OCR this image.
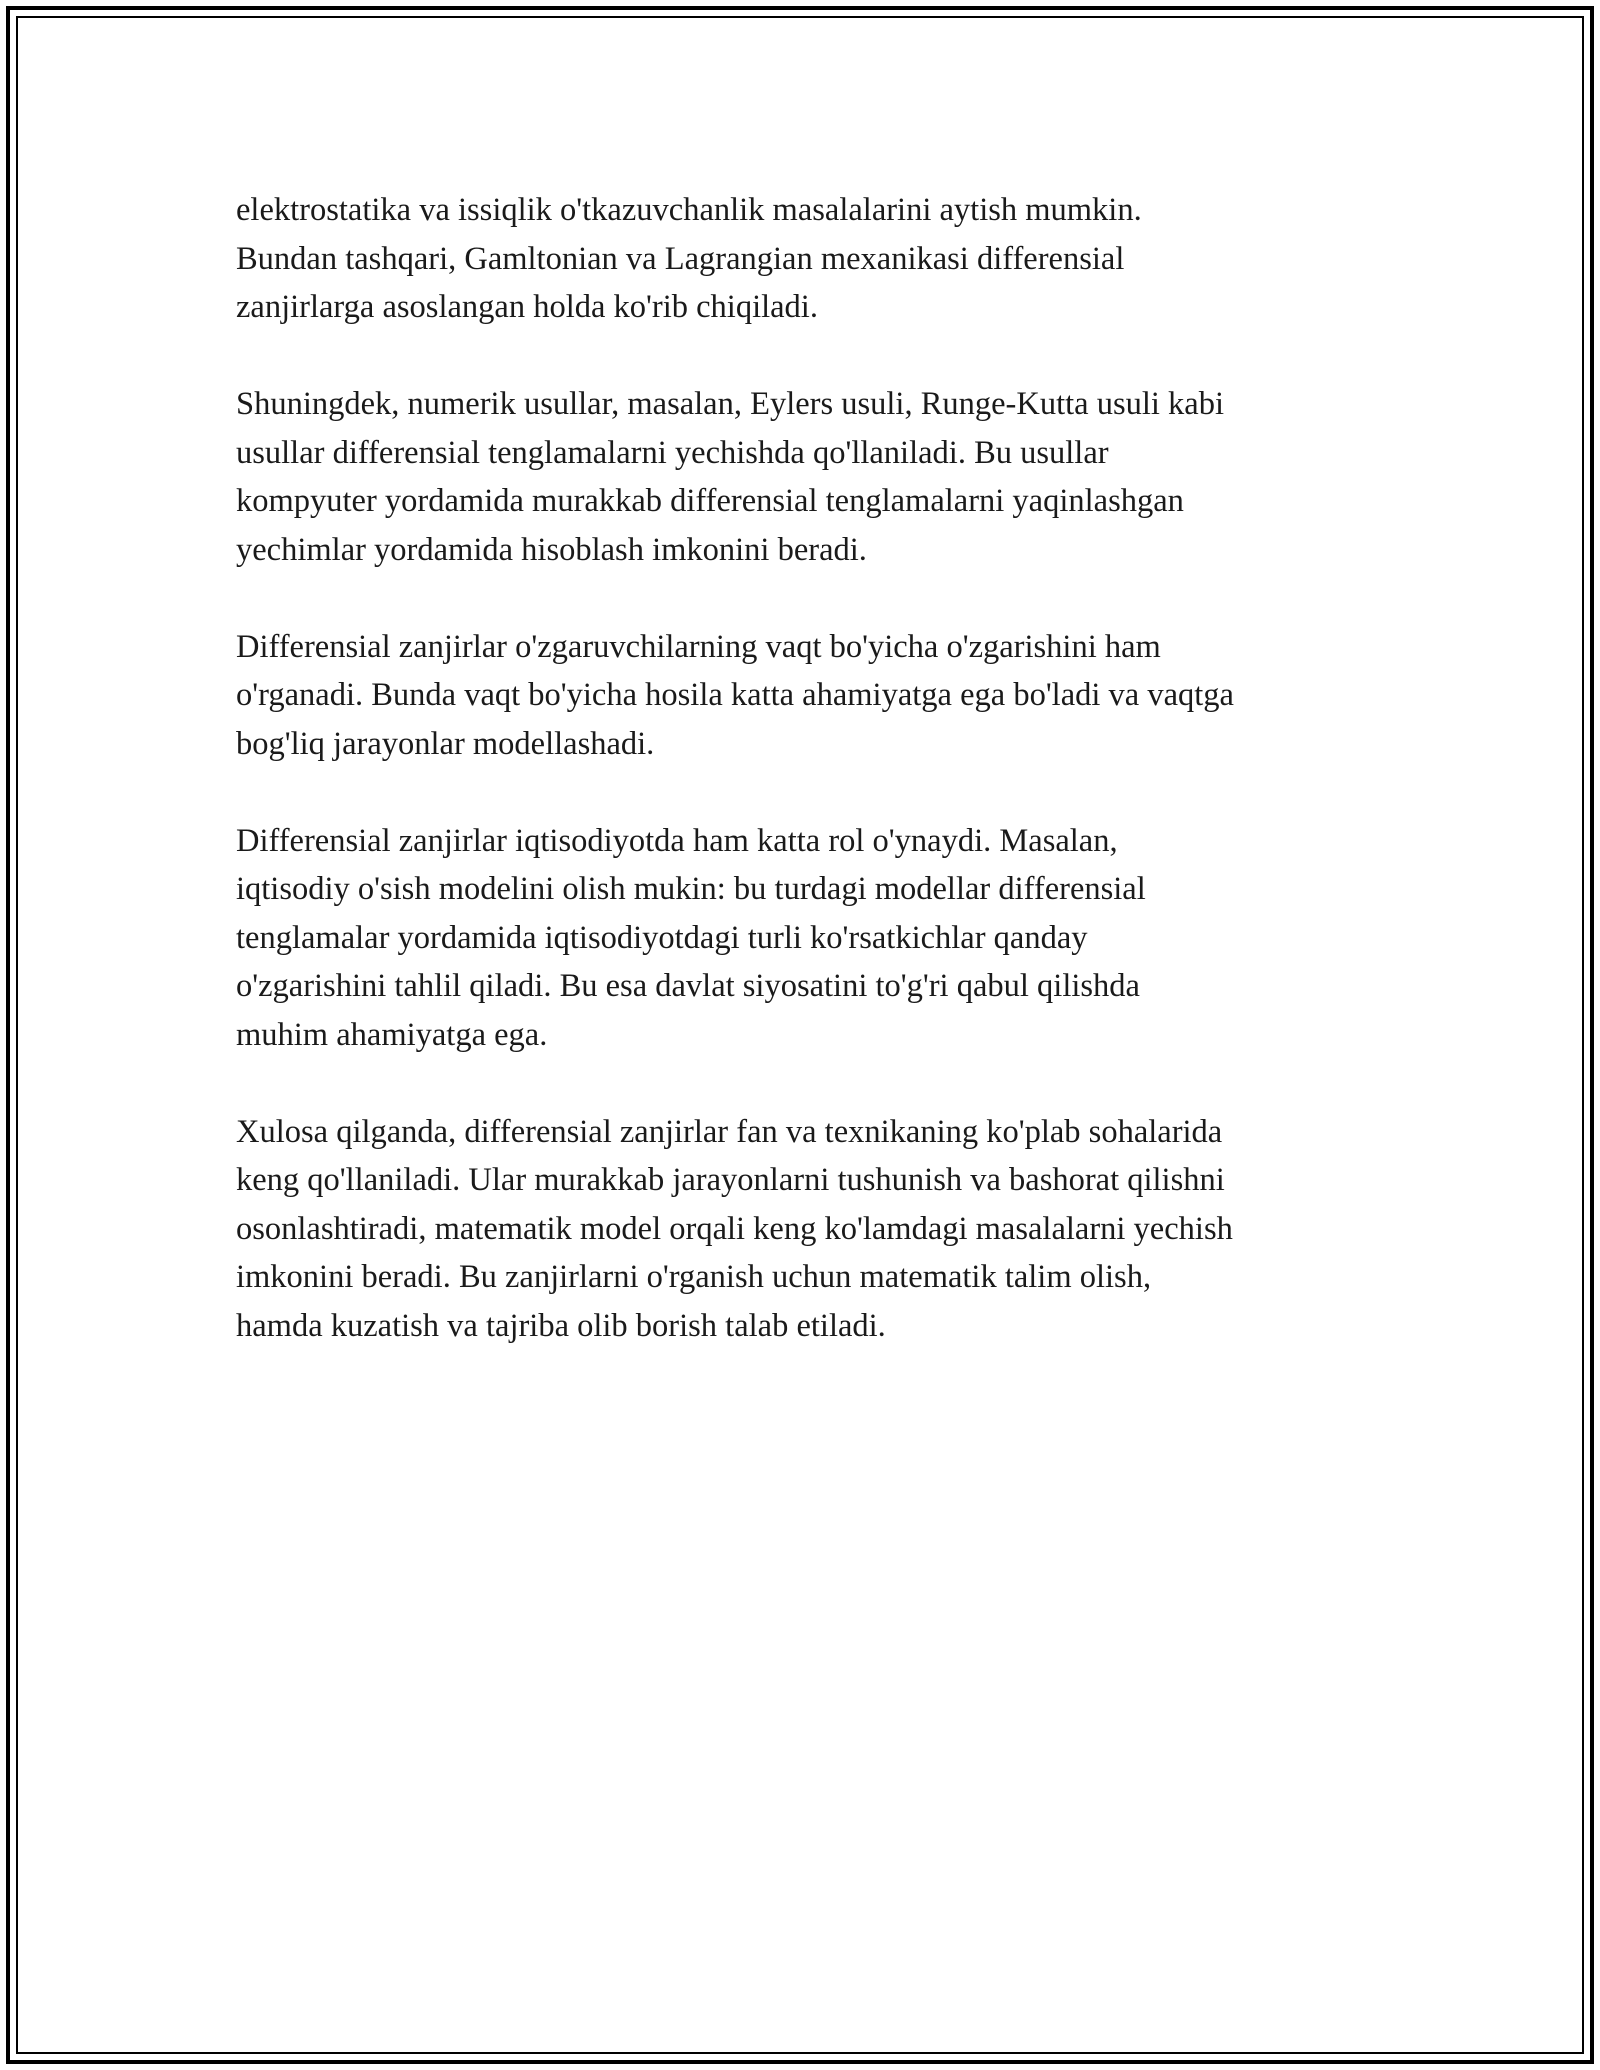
elektrostatika va issiqlik o'tkazuvchanlik masalalarini aytish mumkin.
Bundan tashqari, Gamltonian va Lagrangian mexanikasi differensial
zanjirlarga asoslangan holda ko'rib chiqiladi.

Shuningdek, numerik usullar, masalan, Eylers usuli, Runge-Kutta usuli kabi
usullar differensial tenglamalarni yechishda qo'llaniladi. Bu usullar
kompyuter yordamida murakkab differensial tenglamalarni yaqinlashgan
yechimlar yordamida hisoblash imkonini beradi.

Differensial zanjirlar o'zgaruvchilarning vaqt bo'yicha o'zgarishini ham
o'rganadi. Bunda vaqt bo'yicha hosila katta ahamiyatga ega bo'ladi va vaqtga
bog'liq jarayonlar modellashadi.

Differensial zanjirlar iqtisodiyotda ham katta rol o'ynaydi. Masalan,
iqtisodiy o'sish modelini olish mukin: bu turdagi modellar differensial
tenglamalar yordamida iqtisodiyotdagi turli ko'rsatkichlar qanday
o'zgarishini tahlil qiladi. Bu esa davlat siyosatini to'g'ri qabul qilishda
muhim ahamiyatga ega.

Xulosa qilganda, differensial zanjirlar fan va texnikaning ko'plab sohalarida
keng qo'llaniladi. Ular murakkab jarayonlarni tushunish va bashorat qilishni
osonlashtiradi, matematik model orqali keng ko'lamdagi masalalarni yechish
imkonini beradi. Bu zanjirlarni o'rganish uchun matematik talim olish,
hamda kuzatish va tajriba olib borish talab etiladi.
